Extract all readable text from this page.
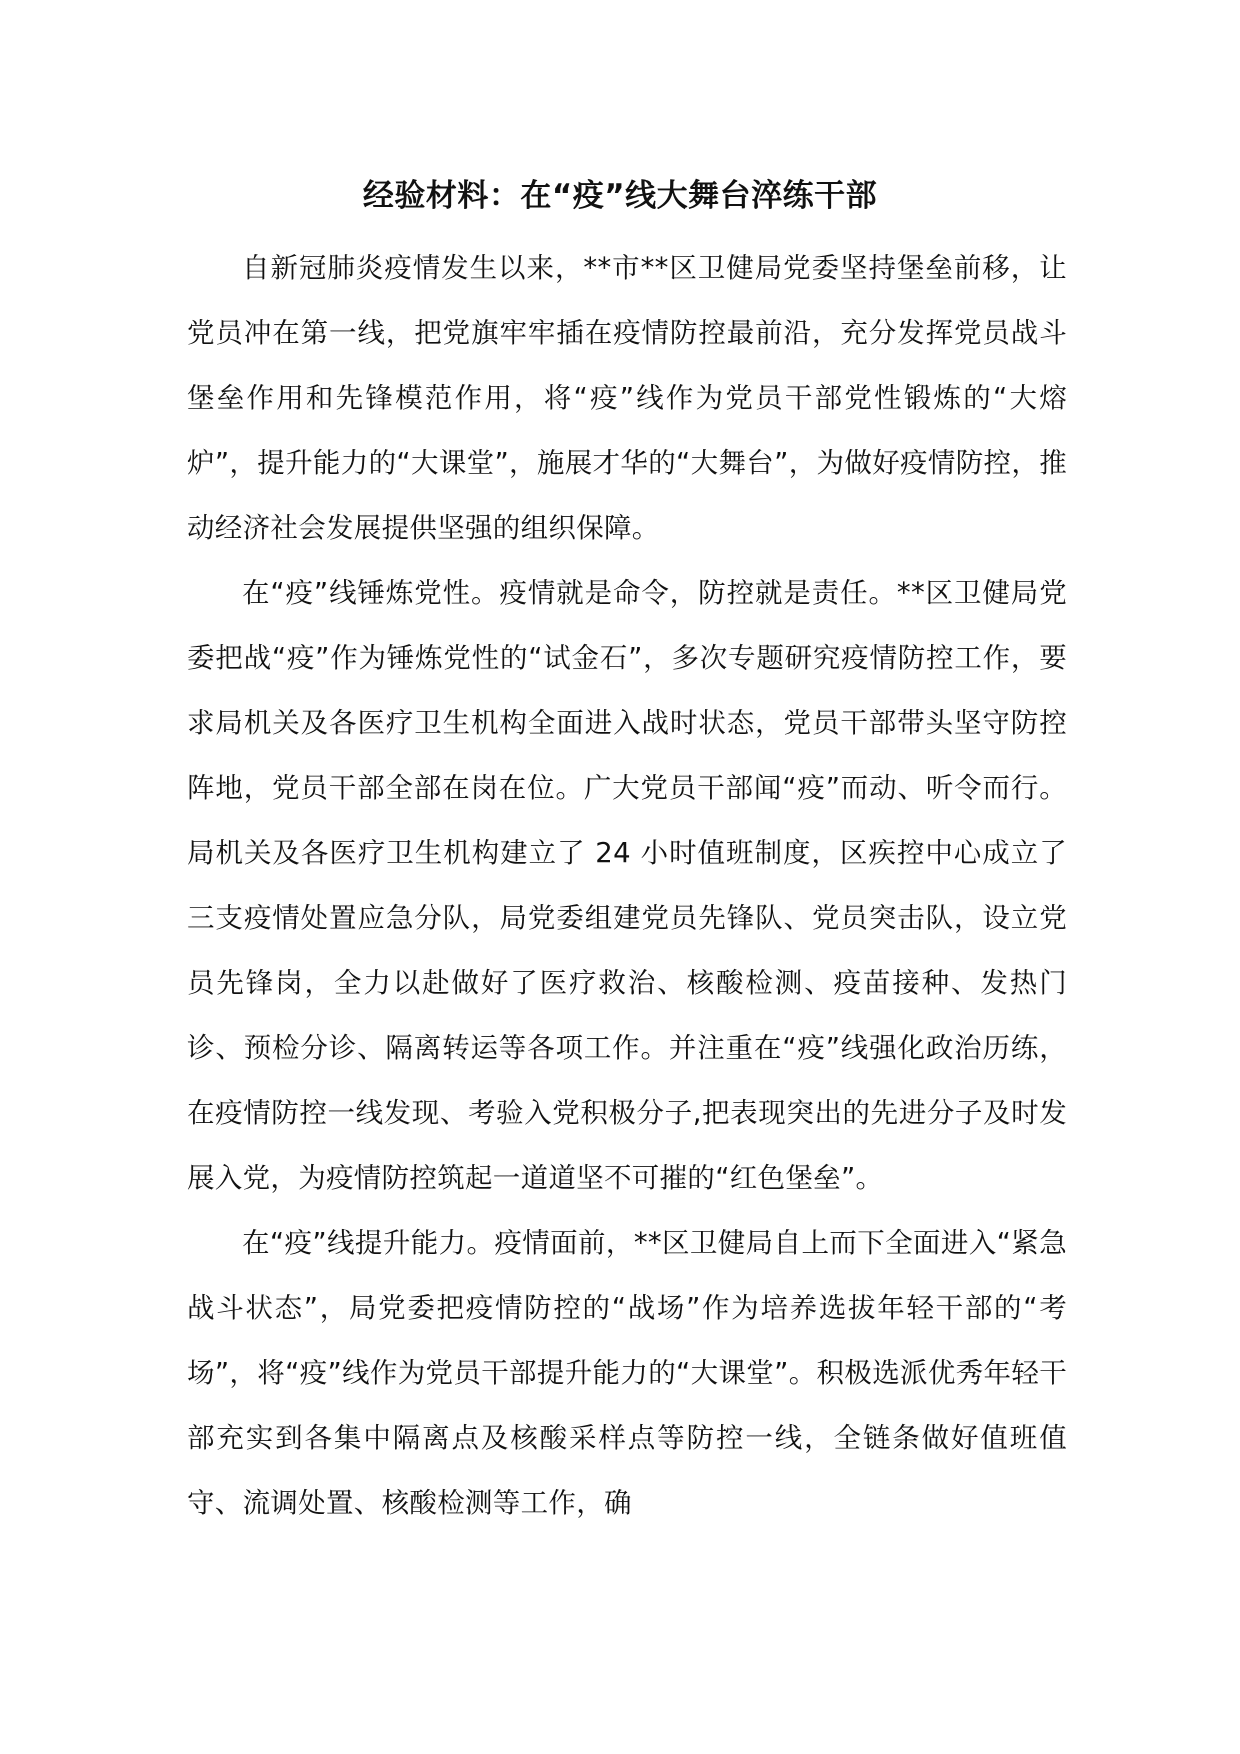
经验材料：在“疫”线大舞台淬练干部

自新冠肺炎疫情发生以来，**市**区卫健局党委坚持堡垒前移，让党员冲在第一线，把党旗牢牢插在疫情防控最前沿，充分发挥党员战斗堡垒作用和先锋模范作用，将“疫”线作为党员干部党性锻炼的“大熔炉”，提升能力的“大课堂”，施展才华的“大舞台”，为做好疫情防控，推动经济社会发展提供坚强的组织保障。

在“疫”线锤炼党性。疫情就是命令，防控就是责任。**区卫健局党委把战“疫”作为锤炼党性的“试金石”，多次专题研究疫情防控工作，要求局机关及各医疗卫生机构全面进入战时状态，党员干部带头坚守防控阵地，党员干部全部在岗在位。广大党员干部闻“疫”而动、听令而行。局机关及各医疗卫生机构建立了 24 小时值班制度，区疾控中心成立了三支疫情处置应急分队，局党委组建党员先锋队、党员突击队，设立党员先锋岗，全力以赴做好了医疗救治、核酸检测、疫苗接种、发热门诊、预检分诊、隔离转运等各项工作。并注重在“疫”线强化政治历练，在疫情防控一线发现、考验入党积极分子,把表现突出的先进分子及时发展入党，为疫情防控筑起一道道坚不可摧的“红色堡垒”。

在“疫”线提升能力。疫情面前，**区卫健局自上而下全面进入“紧急战斗状态”，局党委把疫情防控的“战场”作为培养选拔年轻干部的“考场”，将“疫”线作为党员干部提升能力的“大课堂”。积极选派优秀年轻干部充实到各集中隔离点及核酸采样点等防控一线，全链条做好值班值守、流调处置、核酸检测等工作，确
